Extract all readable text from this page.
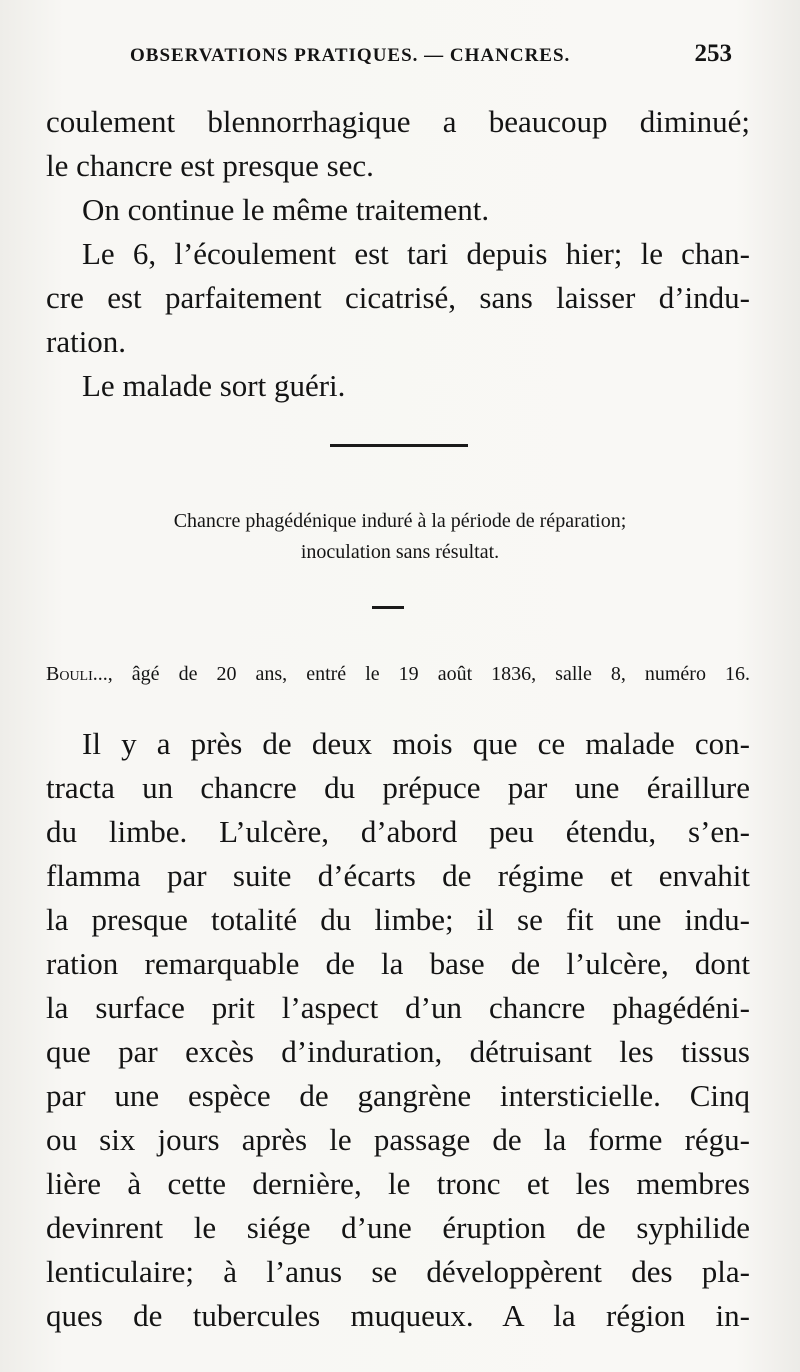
OBSERVATIONS PRATIQUES. — CHANCRES.	253
coulement blennorrhagique a beaucoup diminué;
le chancre est presque sec.
On continue le même traitement.
Le 6, l’écoulement est tari depuis hier; le chan-
cre est parfaitement cicatrisé, sans laisser d’indu-
ration.
Le malade sort guéri.
Chancre phagédénique induré à la période de réparation;
inoculation sans résultat.
Bouli..., âgé de 20 ans, entré le 19 août 1836, salle 8, numéro 16.
Il y a près de deux mois que ce malade con-
tracta un chancre du prépuce par une éraillure
du limbe. L’ulcère, d’abord peu étendu, s’en-
flamma par suite d’écarts de régime et envahit
la presque totalité du limbe; il se fit une indu-
ration remarquable de la base de l’ulcère, dont
la surface prit l’aspect d’un chancre phagédéni-
que par excès d’induration, détruisant les tissus
par une espèce de gangrène intersticielle. Cinq
ou six jours après le passage de la forme régu-
lière à cette dernière, le tronc et les membres
devinrent le siége d’une éruption de syphilide
lenticulaire; à l’anus se développèrent des pla-
ques de tubercules muqueux. A la région in-
